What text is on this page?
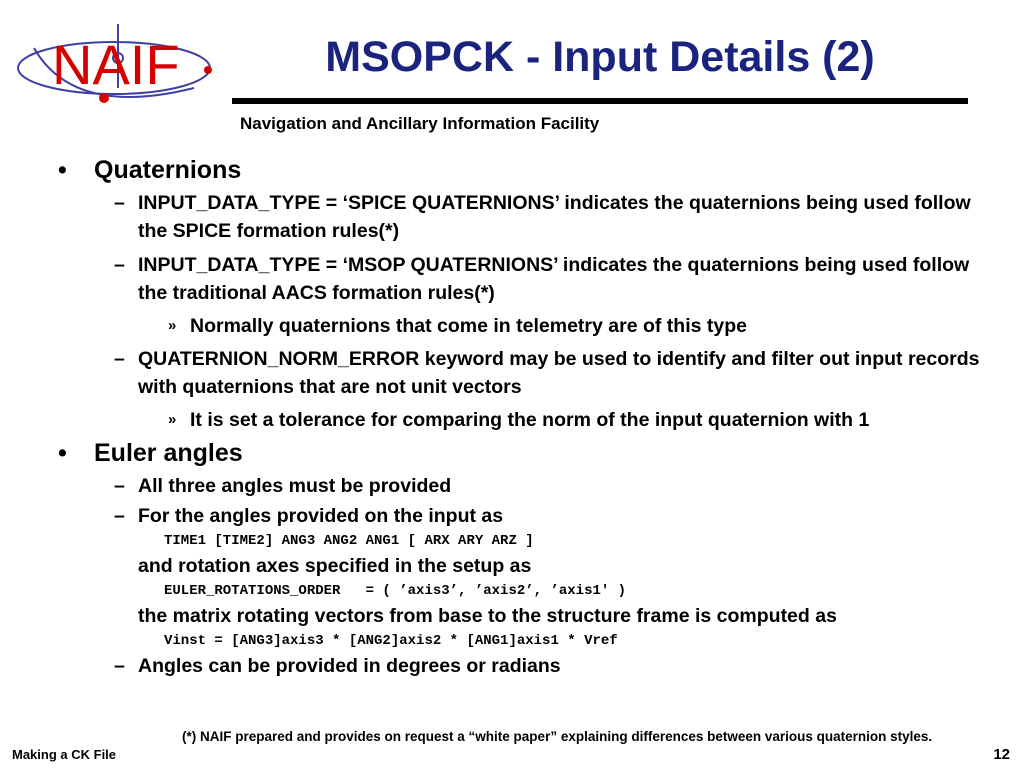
NAIF	MSOPCK - Input Details (2)
Navigation and Ancillary Information Facility
•	Quaternions
– INPUT_DATA_TYPE = ‘SPICE QUATERNIONS’ indicates the quaternions being used follow the SPICE formation rules(*)
– INPUT_DATA_TYPE = ‘MSOP QUATERNIONS’ indicates the quaternions being used follow the traditional AACS formation rules(*)
» Normally quaternions that come in telemetry are of this type
– QUATERNION_NORM_ERROR keyword may be used to identify and filter out input records with quaternions that are not unit vectors
» It is set a tolerance for comparing the norm of the input quaternion with 1
•	Euler angles
– All three angles must be provided
– For the angles provided on the input as
TIME1 [TIME2] ANG3 ANG2 ANG1 [ ARX ARY ARZ ]
and rotation axes specified in the setup as
EULER_ROTATIONS_ORDER   = ( ’axis3’, ’axis2’, ’axis1' )
the matrix rotating vectors from base to the structure frame is computed as
Vinst = [ANG3]axis3 * [ANG2]axis2 * [ANG1]axis1 * Vref
– Angles can be provided in degrees or radians
(*) NAIF prepared and provides on request a “white paper” explaining differences between various quaternion styles.
Making a CK File	12
